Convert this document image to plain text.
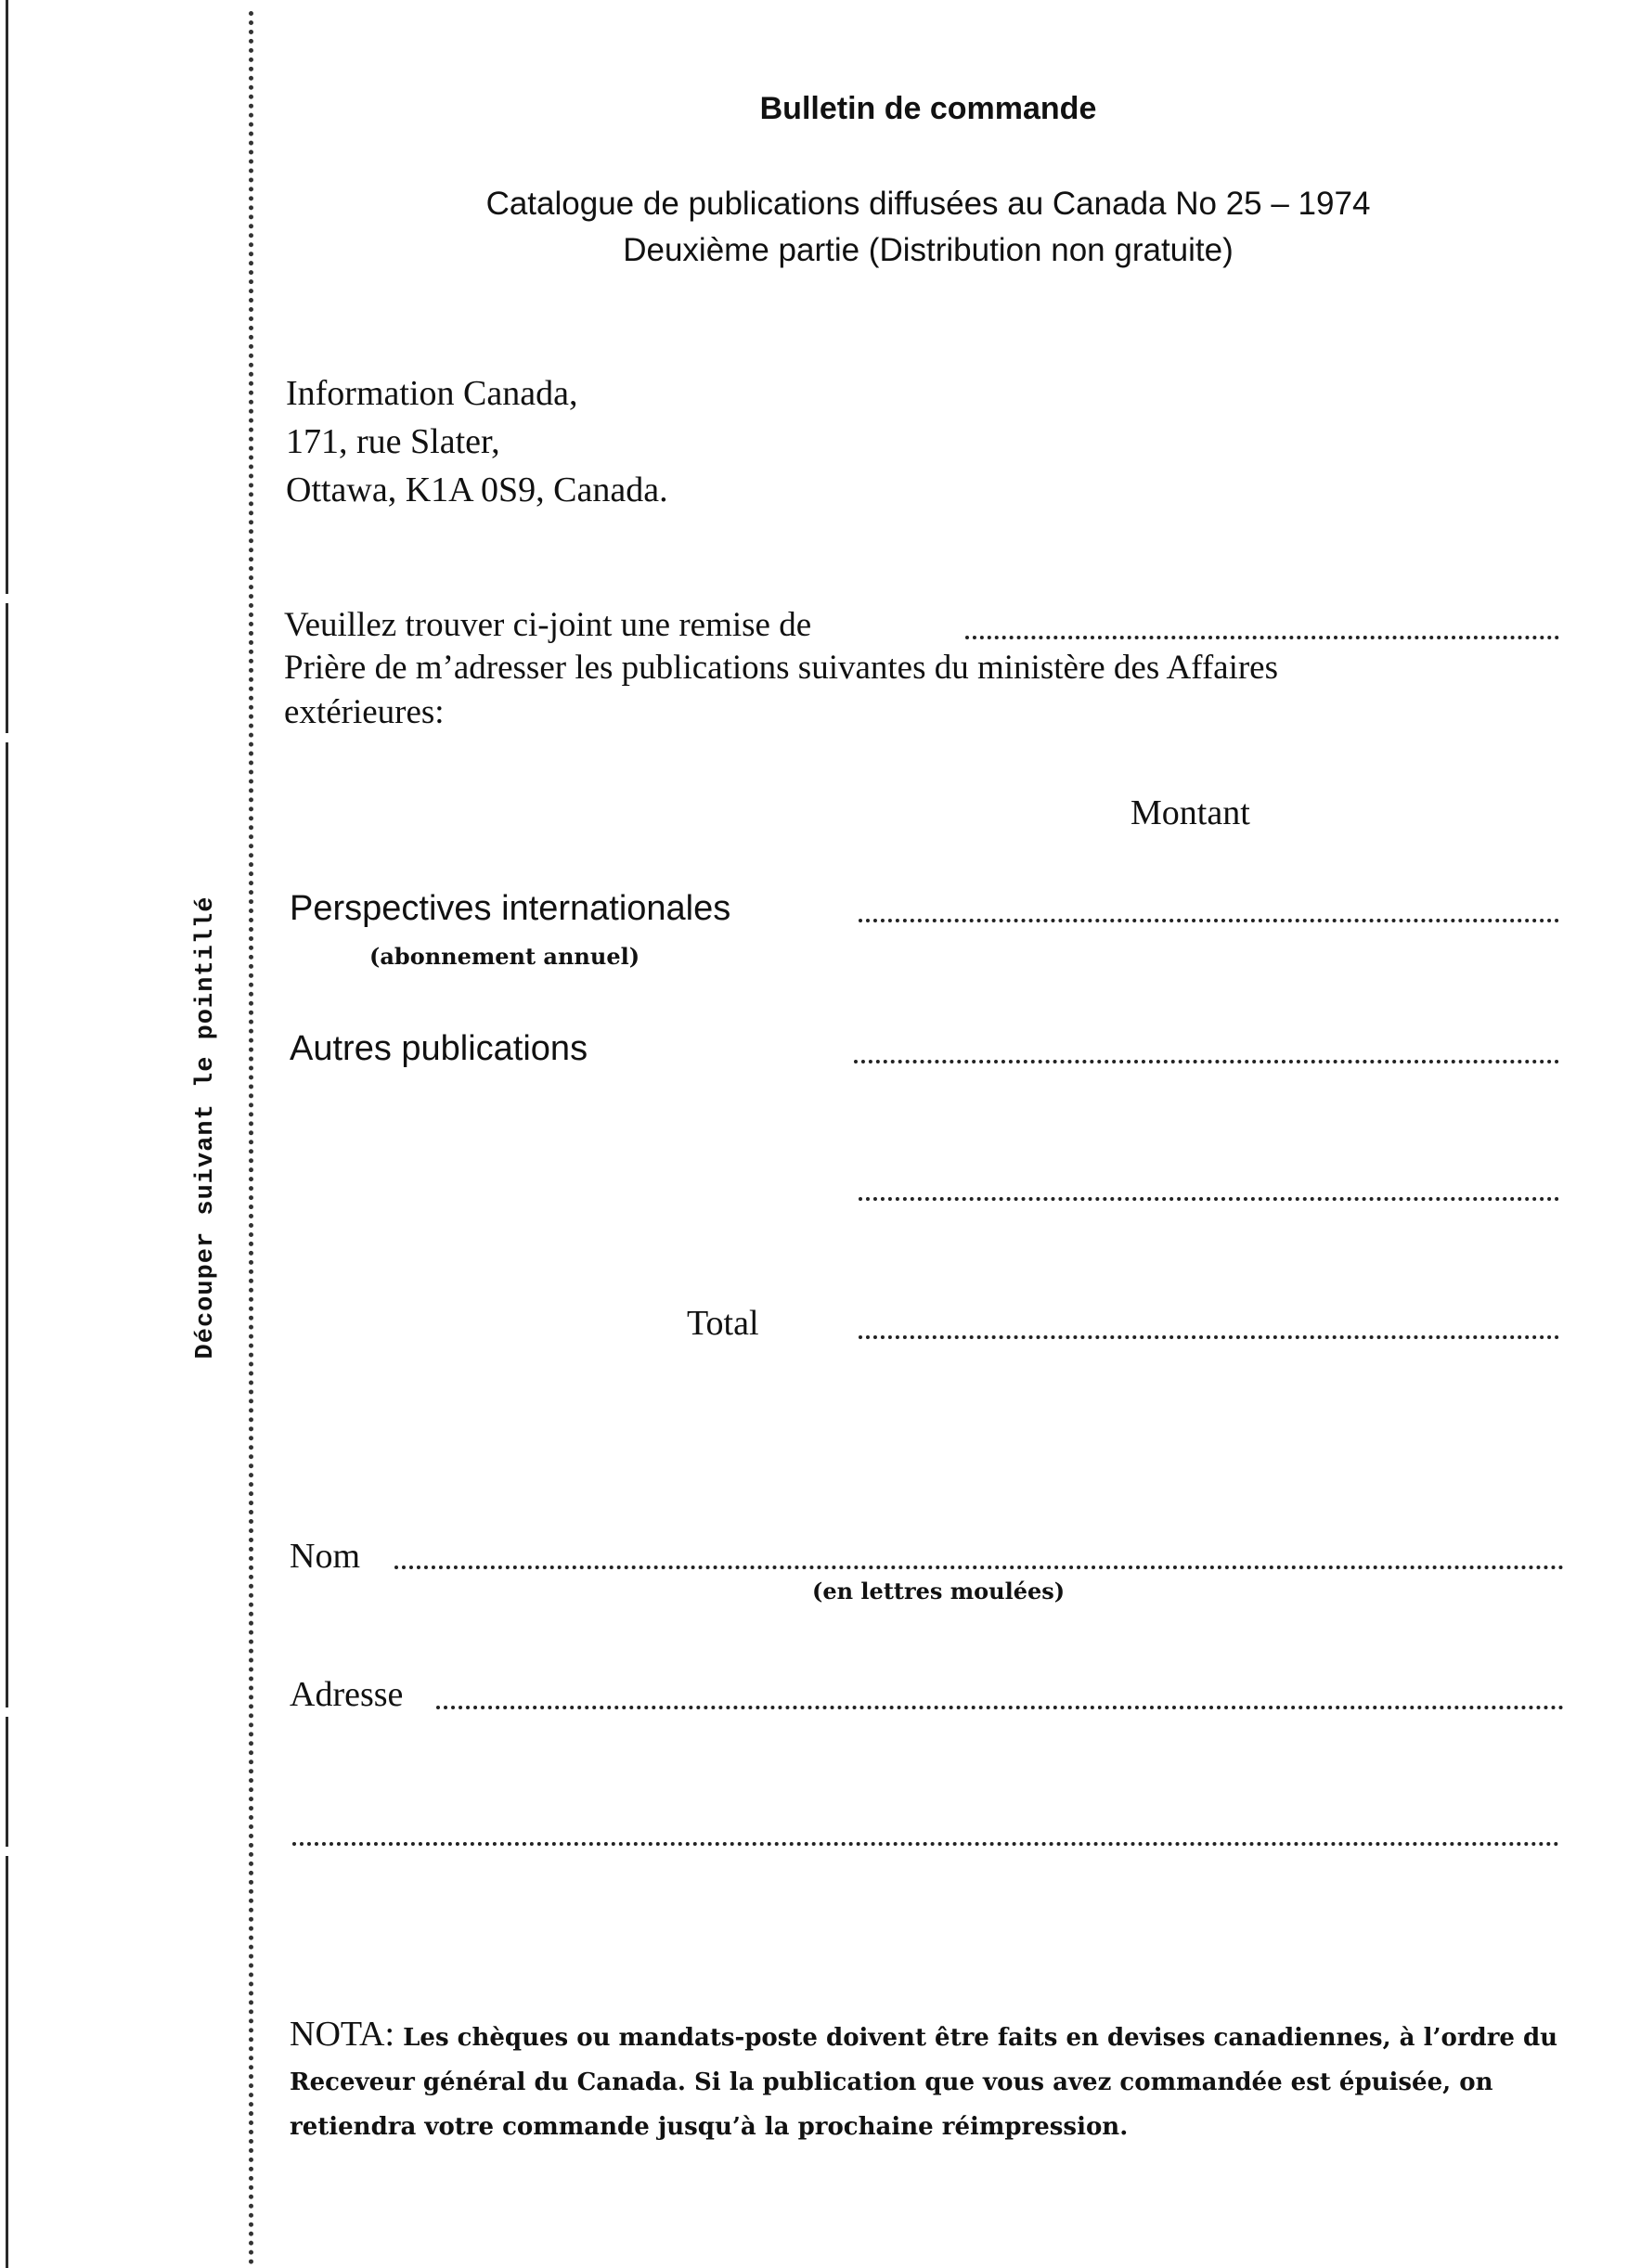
Découper suivant le pointillé
Bulletin de commande
Catalogue de publications diffusées au Canada No 25 – 1974
Deuxième partie (Distribution non gratuite)
Information Canada,
171, rue Slater,
Ottawa, K1A 0S9, Canada.
Veuillez trouver ci-joint une remise de
Prière de m’adresser les publications suivantes du ministère des Affaires
extérieures:
Montant
Perspectives internationales
(abonnement annuel)
Autres publications
Total
Nom
(en lettres moulées)
Adresse
NOTA: Les chèques ou mandats-poste doivent être faits en devises canadiennes, à l’ordre du Receveur général du Canada. Si la publication que vous avez commandée est épuisée, on retiendra votre commande jusqu’à la prochaine réimpression.
